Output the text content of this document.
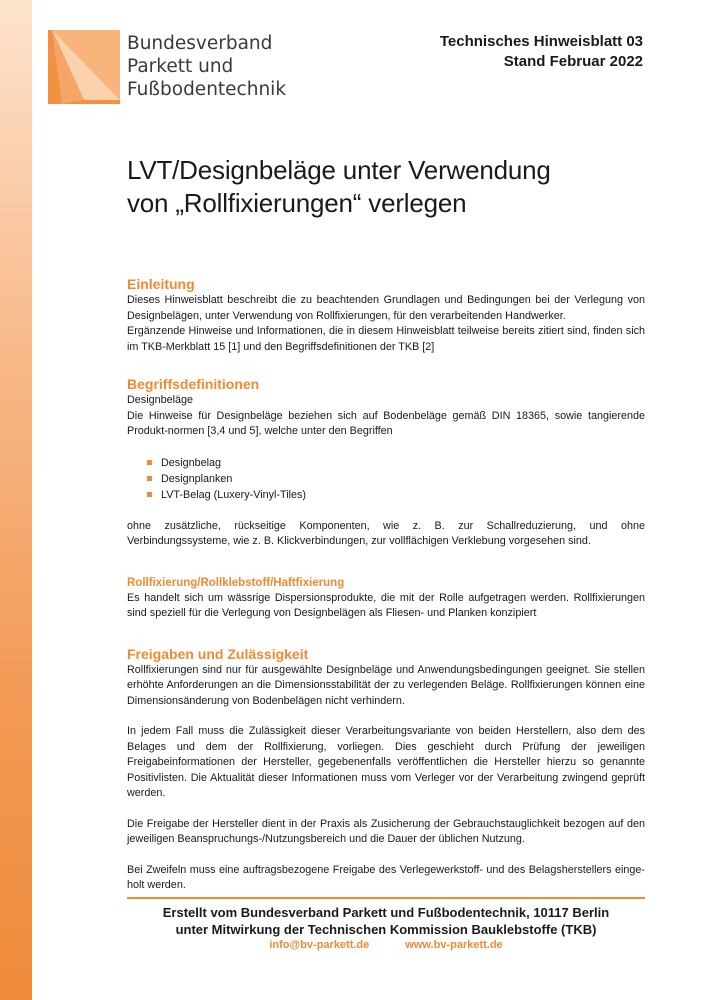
Bundesverband
Parkett und
Fußbodentechnik
Technisches Hinweisblatt 03
Stand Februar 2022
LVT/Designbeläge unter Verwendung
von „Rollfixierungen“ verlegen
Einleitung

Dieses Hinweisblatt beschreibt die zu beachtenden Grundlagen und Bedingungen bei der Verlegung von Designbelägen, unter Verwendung von Rollfixierungen, für den verarbeitenden Handwerker.

Ergänzende Hinweise und Informationen, die in diesem Hinweisblatt teilweise bereits zitiert sind, finden sich im TKB-Merkblatt 15 [1] und den Begriffsdefinitionen der TKB [2]

Begriffsdefinitionen

Designbeläge

Die Hinweise für Designbeläge beziehen sich auf Bodenbeläge gemäß DIN 18365, sowie tangierende Produkt-normen [3,4 und 5], welche unter den Begriffen

Designbelag
Designplanken
LVT-Belag (Luxery-Vinyl-Tiles)

ohne zusätzliche, rückseitige Komponenten, wie z. B. zur Schallreduzierung, und ohne Verbindungssysteme, wie z. B. Klickverbindungen, zur vollflächigen Verklebung vorgesehen sind.

Rollfixierung/Rollklebstoff/Haftfixierung

Es handelt sich um wässrige Dispersionsprodukte, die mit der Rolle aufgetragen werden. Rollfixierungen sind speziell für die Verlegung von Designbelägen als Fliesen- und Planken konzipiert

Freigaben und Zulässigkeit

Rollfixierungen sind nur für ausgewählte Designbeläge und Anwendungsbedingungen geeignet. Sie stellen erhöhte Anforderungen an die Dimensionsstabilität der zu verlegenden Beläge. Rollfixierungen können eine Dimensionsänderung von Bodenbelägen nicht verhindern.

In jedem Fall muss die Zulässigkeit dieser Verarbeitungsvariante von beiden Herstellern, also dem des Belages und dem der Rollfixierung, vorliegen. Dies geschieht durch Prüfung der jeweiligen Freigabeinformationen der Hersteller, gegebenenfalls veröffentlichen die Hersteller hierzu so genannte Positivlisten. Die Aktualität dieser Informationen muss vom Verleger vor der Verarbeitung zwingend geprüft werden.

Die Freigabe der Hersteller dient in der Praxis als Zusicherung der Gebrauchstauglichkeit bezogen auf den jeweiligen Beanspruchungs-/Nutzungsbereich und die Dauer der üblichen Nutzung.

Bei Zweifeln muss eine auftragsbezogene Freigabe des Verlegewerkstoff- und des Belagsherstellers einge-holt werden.

Erstellt vom Bundesverband Parkett und Fußbodentechnik, 10117 Berlin
unter Mitwirkung der Technischen Kommission Bauklebstoffe (TKB)
info@bv-parkett.de	www.bv-parkett.de
